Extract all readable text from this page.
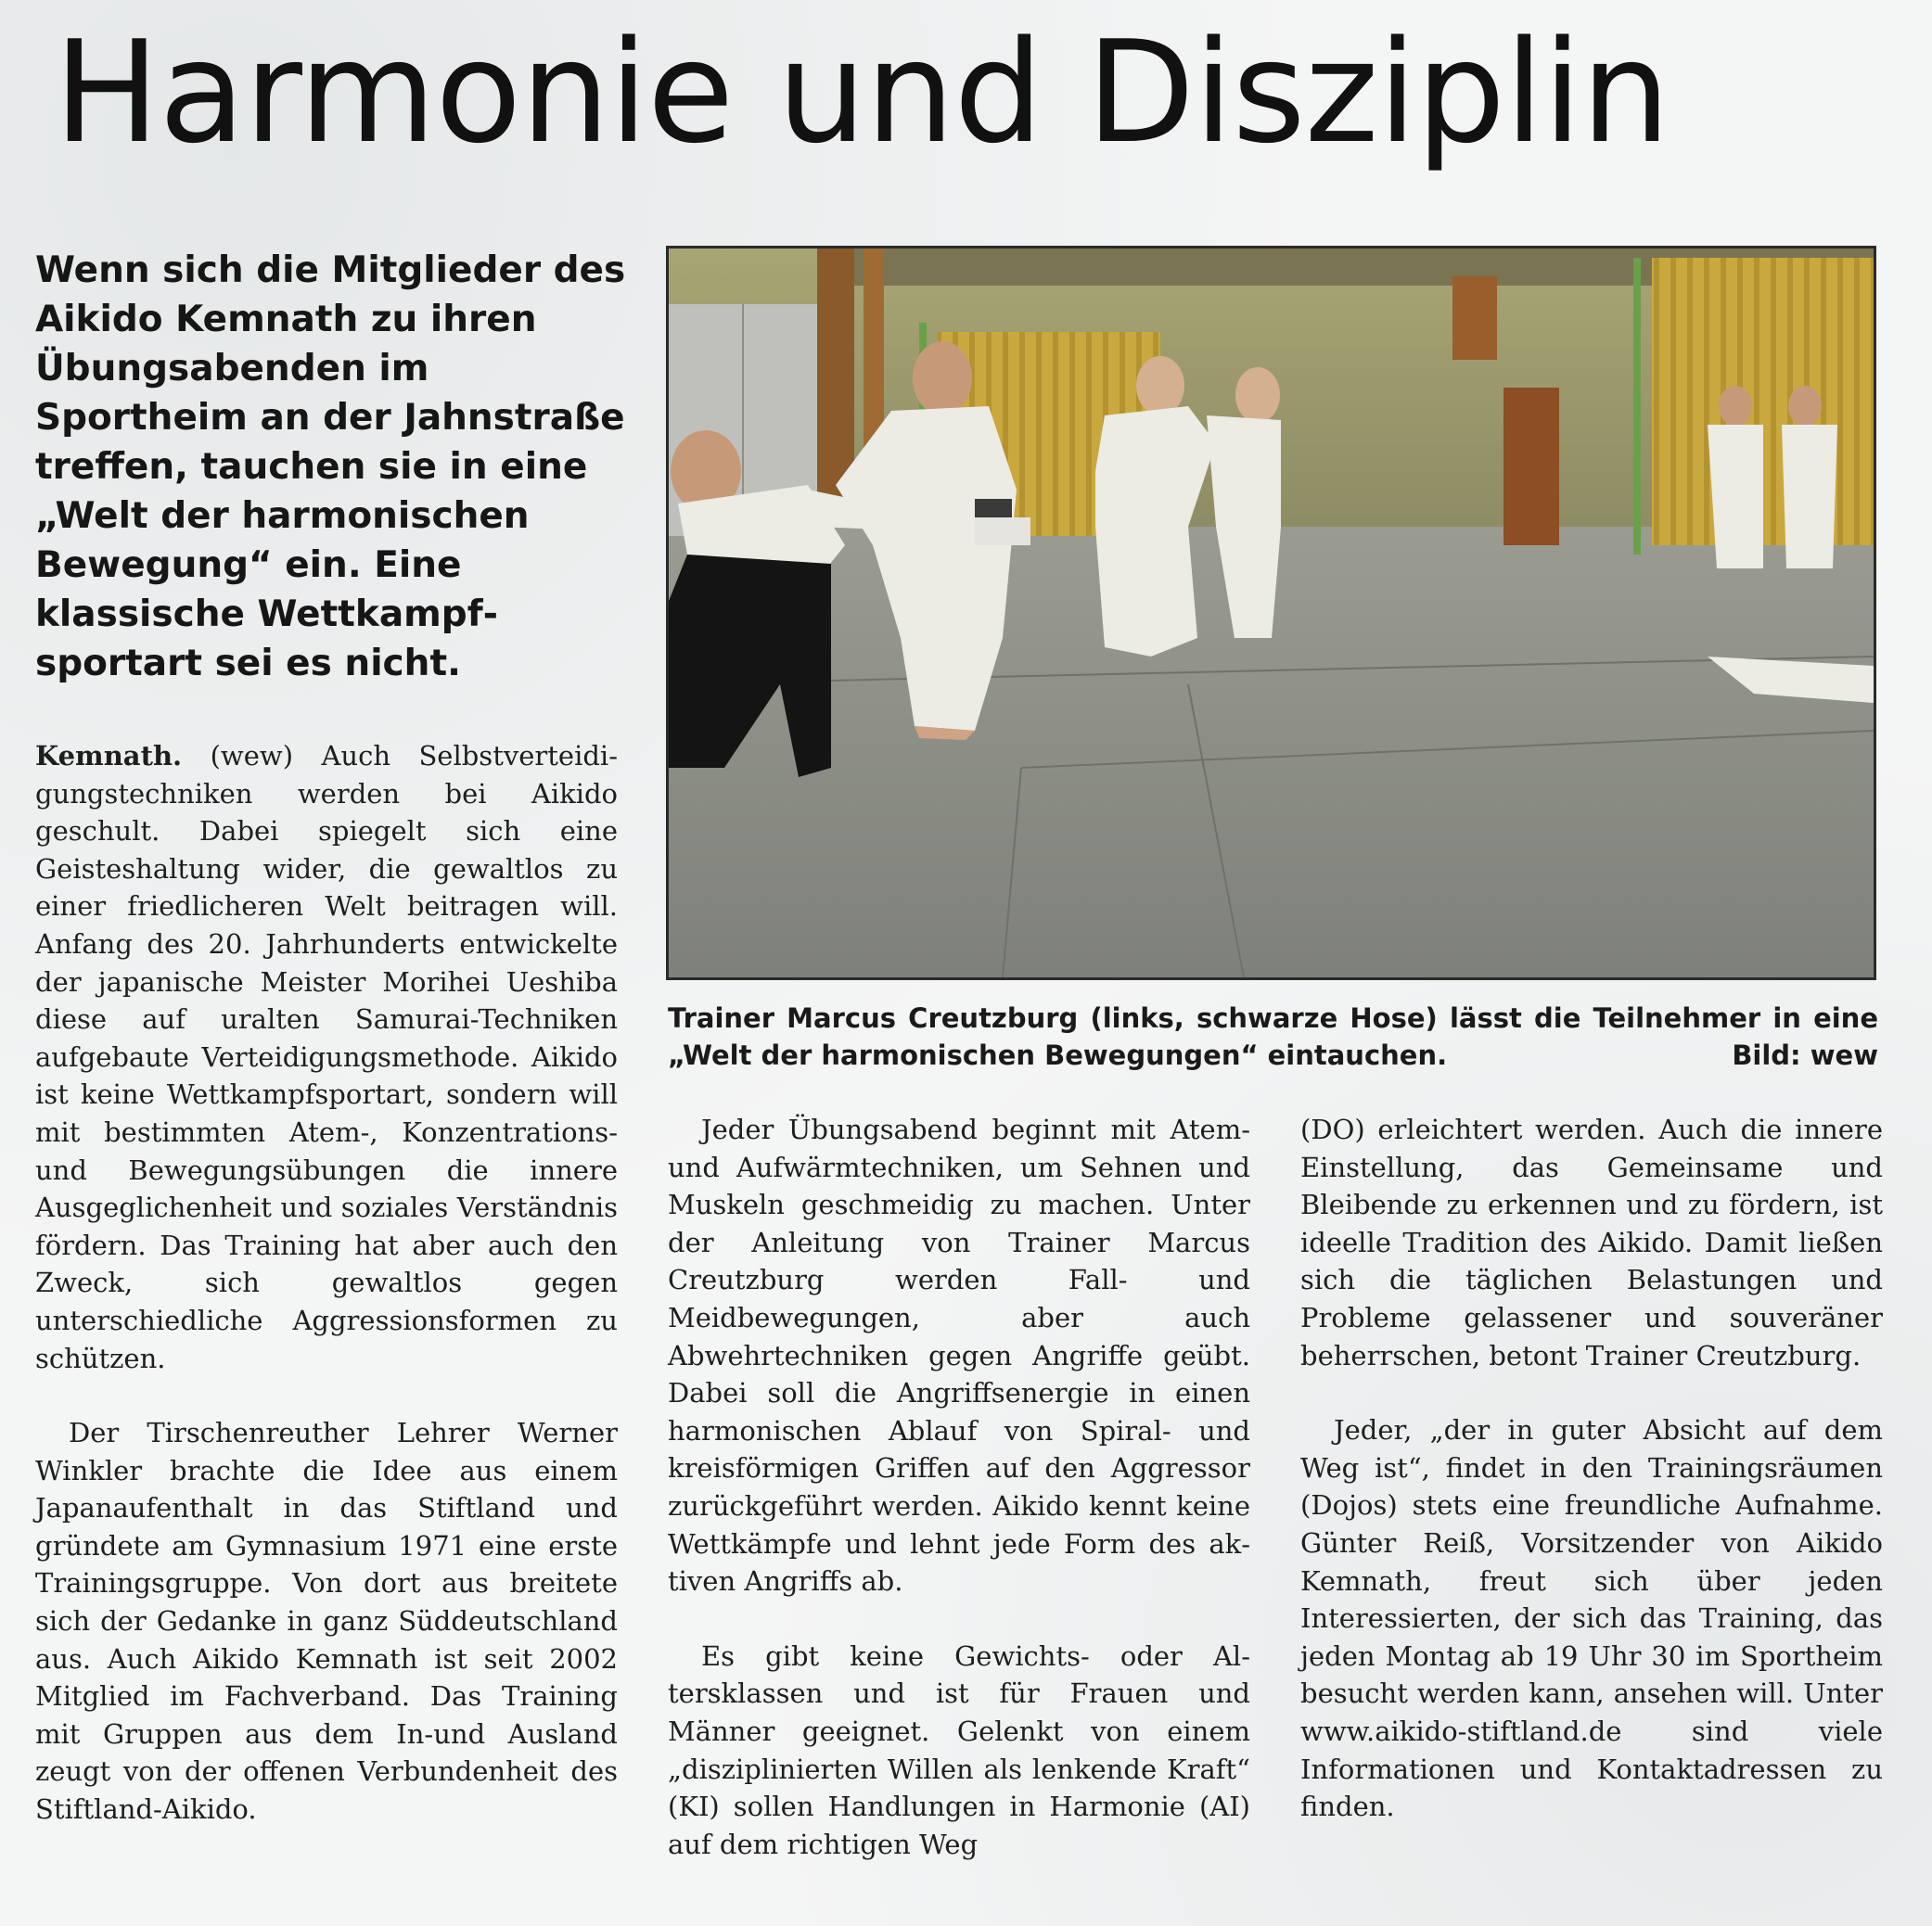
Harmonie und Disziplin

Wenn sich die Mitglieder des Aikido Kemnath zu ihren Übungsabenden im Sportheim an der Jahnstraße treffen, tauchen sie in eine „Welt der harmonischen Bewegung“ ein. Eine klassische Wettkampfsportart sei es nicht.

Trainer Marcus Creutzburg (links, schwarze Hose) lässt die Teilnehmer in eine „Welt der harmonischen Bewegungen“ eintauchen.	Bild: wew

Kemnath. (wew) Auch Selbstverteidigungstechniken werden bei Aikido geschult. Dabei spiegelt sich eine Geisteshaltung wider, die gewaltlos zu einer friedlicheren Welt beitragen will. Anfang des 20. Jahrhunderts entwickelte der japanische Meister Morihei Ueshiba diese auf uralten Samurai-Techniken aufgebaute Verteidigungsmethode. Aikido ist keine Wettkampfsportart, sondern will mit bestimmten Atem-, Konzentrations- und Bewegungsübungen die innere Ausgeglichenheit und soziales Verständnis fördern. Das Training hat aber auch den Zweck, sich gewaltlos gegen unterschiedliche Aggressionsformen zu schützen.

Der Tirschenreuther Lehrer Werner Winkler brachte die Idee aus einem Japanaufenthalt in das Stiftland und gründete am Gymnasium 1971 eine erste Trainingsgruppe. Von dort aus breitete sich der Gedanke in ganz Süddeutschland aus. Auch Aikido Kemnath ist seit 2002 Mitglied im Fachverband. Das Training mit Gruppen aus dem In-und Ausland zeugt von der offenen Verbundenheit des Stiftland-Aikido.

Jeder Übungsabend beginnt mit Atem- und Aufwärmtechniken, um Sehnen und Muskeln geschmeidig zu machen. Unter der Anleitung von Trainer Marcus Creutzburg werden Fall- und Meidbewegungen, aber auch Abwehrtechniken gegen Angriffe geübt. Dabei soll die Angriffsenergie in einen harmonischen Ablauf von Spiral- und kreisförmigen Griffen auf den Aggressor zurückgeführt werden. Aikido kennt keine Wettkämpfe und lehnt jede Form des aktiven Angriffs ab.

Es gibt keine Gewichts- oder Altersklassen und ist für Frauen und Männer geeignet. Gelenkt von einem „disziplinierten Willen als lenkende Kraft“ (KI) sollen Handlungen in Harmonie (AI) auf dem richtigen Weg

(DO) erleichtert werden. Auch die innere Einstellung, das Gemeinsame und Bleibende zu erkennen und zu fördern, ist ideelle Tradition des Aikido. Damit ließen sich die täglichen Belastungen und Probleme gelassener und souveräner beherrschen, betont Trainer Creutzburg.

Jeder, „der in guter Absicht auf dem Weg ist“, findet in den Trainingsräumen (Dojos) stets eine freundliche Aufnahme. Günter Reiß, Vorsitzender von Aikido Kemnath, freut sich über jeden Interessierten, der sich das Training, das jeden Montag ab 19 Uhr 30 im Sportheim besucht werden kann, ansehen will. Unter www.aikido-stiftland.de sind viele Informationen und Kontaktadressen zu finden.
